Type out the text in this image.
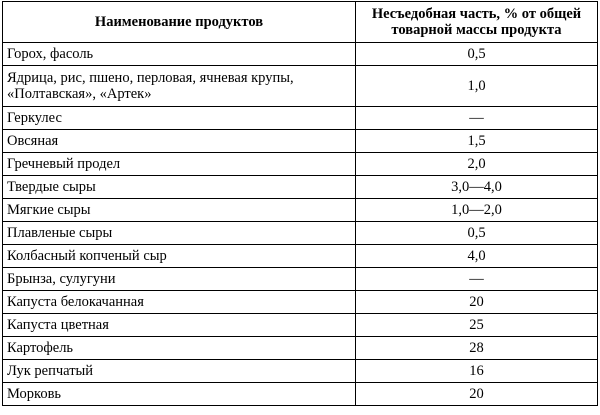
Наименование продуктов	Несъедобная часть, % от общей товарной массы продукта
Горох, фасоль	0,5
Ядрица, рис, пшено, перловая, ячневая крупы, «Полтавская», «Артек»	1,0
Геркулес	—
Овсяная	1,5
Гречневый продел	2,0
Твердые сыры	3,0—4,0
Мягкие сыры	1,0—2,0
Плавленые сыры	0,5
Колбасный копченый сыр	4,0
Брынза, сулугуни	—
Капуста белокачанная	20
Капуста цветная	25
Картофель	28
Лук репчатый	16
Морковь	20
